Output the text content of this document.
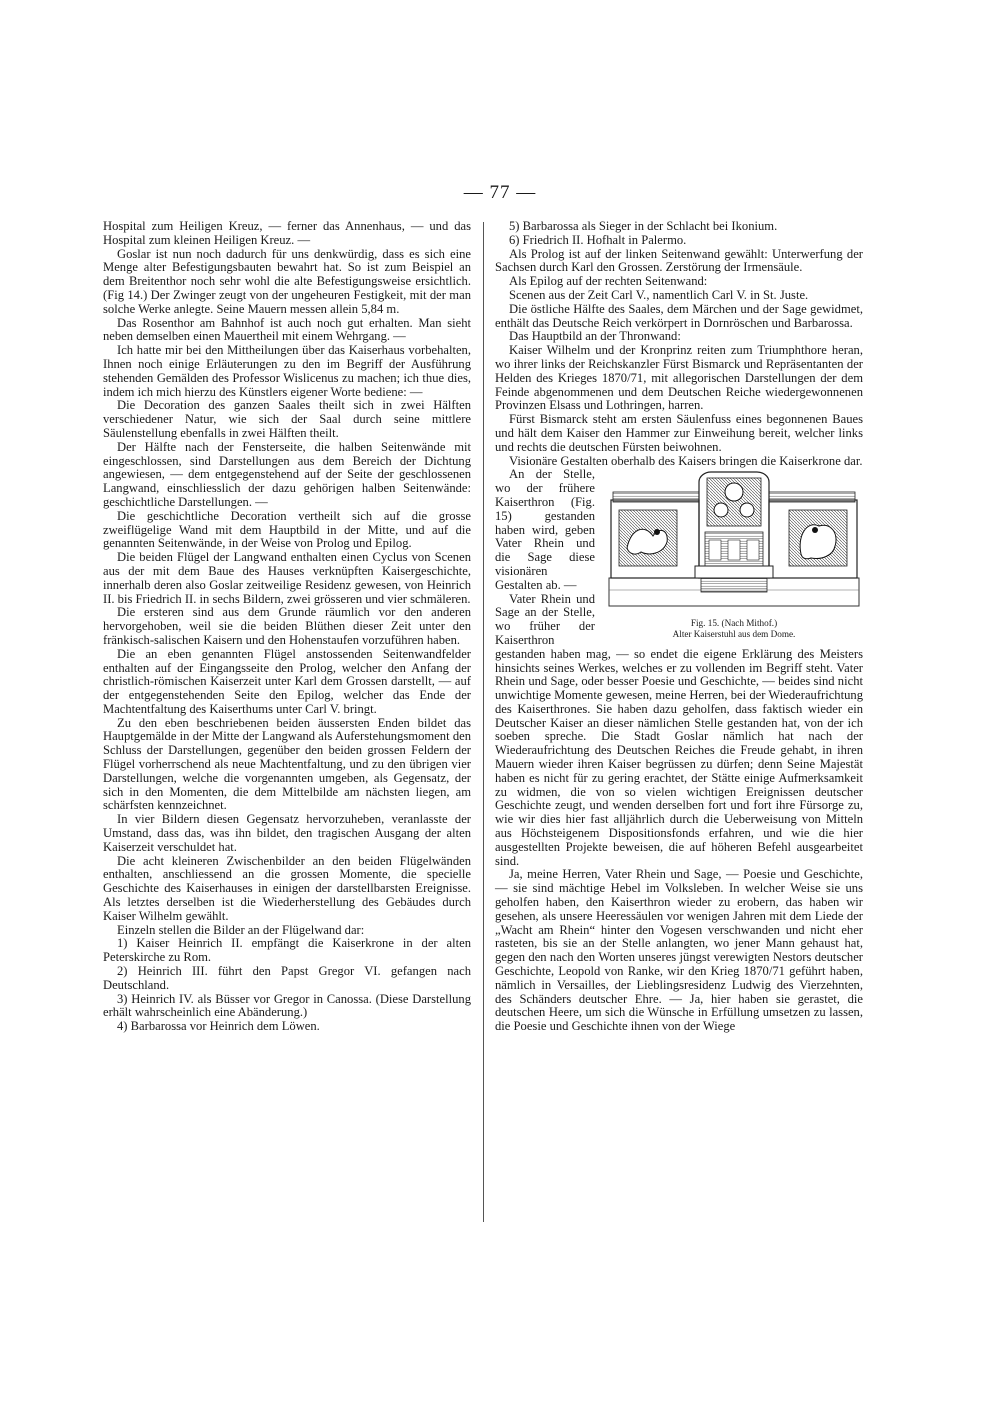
— 77 —

Hospital zum Heiligen Kreuz, — ferner das Annenhaus, — und das Hospital zum kleinen Heiligen Kreuz. —

Goslar ist nun noch dadurch für uns denkwürdig, dass es sich eine Menge alter Befestigungsbauten bewahrt hat. So ist zum Beispiel an dem Breitenthor noch sehr wohl die alte Befestigungsweise ersichtlich. (Fig 14.) Der Zwinger zeugt von der ungeheuren Festigkeit, mit der man solche Werke anlegte. Seine Mauern messen allein 5,84 m.

Das Rosenthor am Bahnhof ist auch noch gut erhalten. Man sieht neben demselben einen Mauertheil mit einem Wehrgang. —

Ich hatte mir bei den Mittheilungen über das Kaiserhaus vorbehalten, Ihnen noch einige Erläuterungen zu den im Begriff der Ausführung stehenden Gemälden des Professor Wislicenus zu machen; ich thue dies, indem ich mich hierzu des Künstlers eigener Worte bediene: —

Die Decoration des ganzen Saales theilt sich in zwei Hälften verschiedener Natur, wie sich der Saal durch seine mittlere Säulenstellung ebenfalls in zwei Hälften theilt.

Der Hälfte nach der Fensterseite, die halben Seitenwände mit eingeschlossen, sind Darstellungen aus dem Bereich der Dichtung angewiesen, — dem entgegenstehend auf der Seite der geschlossenen Langwand, einschliesslich der dazu gehörigen halben Seitenwände: geschichtliche Darstellungen. —

Die geschichtliche Decoration vertheilt sich auf die grosse zweiflügelige Wand mit dem Hauptbild in der Mitte, und auf die genannten Seitenwände, in der Weise von Prolog und Epilog.

Die beiden Flügel der Langwand enthalten einen Cyclus von Scenen aus der mit dem Baue des Hauses verknüpften Kaisergeschichte, innerhalb deren also Goslar zeitweilige Residenz gewesen, von Heinrich II. bis Friedrich II. in sechs Bildern, zwei grösseren und vier schmäleren.

Die ersteren sind aus dem Grunde räumlich vor den anderen hervorgehoben, weil sie die beiden Blüthen dieser Zeit unter den fränkisch-salischen Kaisern und den Hohenstaufen vorzuführen haben.

Die an eben genannten Flügel anstossenden Seitenwandfelder enthalten auf der Eingangsseite den Prolog, welcher den Anfang der christlich-römischen Kaiserzeit unter Karl dem Grossen darstellt, — auf der entgegenstehenden Seite den Epilog, welcher das Ende der Machtentfaltung des Kaiserthums unter Carl V. bringt.

Zu den eben beschriebenen beiden äussersten Enden bildet das Hauptgemälde in der Mitte der Langwand als Auferstehungsmoment den Schluss der Darstellungen, gegenüber den beiden grossen Feldern der Flügel vorherrschend als neue Machtentfaltung, und zu den übrigen vier Darstellungen, welche die vorgenannten umgeben, als Gegensatz, der sich in den Momenten, die dem Mittelbilde am nächsten liegen, am schärfsten kennzeichnet.

In vier Bildern diesen Gegensatz hervorzuheben, veranlasste der Umstand, dass das, was ihn bildet, den tragischen Ausgang der alten Kaiserzeit verschuldet hat.

Die acht kleineren Zwischenbilder an den beiden Flügelwänden enthalten, anschliessend an die grossen Momente, die specielle Geschichte des Kaiserhauses in einigen der darstellbarsten Ereignisse. Als letztes derselben ist die Wiederherstellung des Gebäudes durch Kaiser Wilhelm gewählt.

Einzeln stellen die Bilder an der Flügelwand dar:

1) Kaiser Heinrich II. empfängt die Kaiserkrone in der alten Peterskirche zu Rom.

2) Heinrich III. führt den Papst Gregor VI. gefangen nach Deutschland.

3) Heinrich IV. als Büsser vor Gregor in Canossa. (Diese Darstellung erhält wahrscheinlich eine Abänderung.)

4) Barbarossa vor Heinrich dem Löwen.

5) Barbarossa als Sieger in der Schlacht bei Ikonium.

6) Friedrich II. Hofhalt in Palermo.

Als Prolog ist auf der linken Seitenwand gewählt: Unterwerfung der Sachsen durch Karl den Grossen. Zerstörung der Irmensäule.

Als Epilog auf der rechten Seitenwand:

Scenen aus der Zeit Carl V., namentlich Carl V. in St. Juste.

Die östliche Hälfte des Saales, dem Märchen und der Sage gewidmet, enthält das Deutsche Reich verkörpert in Dornröschen und Barbarossa.

Das Hauptbild an der Thronwand:

Kaiser Wilhelm und der Kronprinz reiten zum Triumphthore heran, wo ihrer links der Reichskanzler Fürst Bismarck und Repräsentanten der Helden des Krieges 1870/71, mit allegorischen Darstellungen der dem Feinde abgenommenen und dem Deutschen Reiche wiedergewonnenen Provinzen Elsass und Lothringen, harren.

Fürst Bismarck steht am ersten Säulenfuss eines begonnenen Baues und hält dem Kaiser den Hammer zur Einweihung bereit, welcher links und rechts die deutschen Fürsten beiwohnen.

Visionäre Gestalten oberhalb des Kaisers bringen die Kaiserkrone dar.

Fig. 15. (Nach Mithof.)
Alter Kaiserstuhl aus dem Dome.

An der Stelle, wo der frühere Kaiserthron (Fig. 15) gestanden haben wird, geben Vater Rhein und die Sage diese visionären Gestalten ab. —

Vater Rhein und Sage an der Stelle, wo früher der Kaiserthron gestanden haben mag, — so endet die eigene Erklärung des Meisters hinsichts seines Werkes, welches er zu vollenden im Begriff steht. Vater Rhein und Sage, oder besser Poesie und Geschichte, — beides sind nicht unwichtige Momente gewesen, meine Herren, bei der Wiederaufrichtung des Kaiserthrones. Sie haben dazu geholfen, dass faktisch wieder ein Deutscher Kaiser an dieser nämlichen Stelle gestanden hat, von der ich soeben spreche. Die Stadt Goslar nämlich hat nach der Wiederaufrichtung des Deutschen Reiches die Freude gehabt, in ihren Mauern wieder ihren Kaiser begrüssen zu dürfen; denn Seine Majestät haben es nicht für zu gering erachtet, der Stätte einige Aufmerksamkeit zu widmen, die von so vielen wichtigen Ereignissen deutscher Geschichte zeugt, und wenden derselben fort und fort ihre Fürsorge zu, wie wir dies hier fast alljährlich durch die Ueberweisung von Mitteln aus Höchsteigenem Dispositionsfonds erfahren, und wie die hier ausgestellten Projekte beweisen, die auf höheren Befehl ausgearbeitet sind.

Ja, meine Herren, Vater Rhein und Sage, — Poesie und Geschichte, — sie sind mächtige Hebel im Volksleben. In welcher Weise sie uns geholfen haben, den Kaiserthron wieder zu erobern, das haben wir gesehen, als unsere Heeressäulen vor wenigen Jahren mit dem Liede der „Wacht am Rhein“ hinter den Vogesen verschwanden und nicht eher rasteten, bis sie an der Stelle anlangten, wo jener Mann gehaust hat, gegen den nach den Worten unseres jüngst verewigten Nestors deutscher Geschichte, Leopold von Ranke, wir den Krieg 1870/71 geführt haben, nämlich in Versailles, der Lieblingsresidenz Ludwig des Vierzehnten, des Schänders deutscher Ehre. — Ja, hier haben sie gerastet, die deutschen Heere, um sich die Wünsche in Erfüllung umsetzen zu lassen, die Poesie und Geschichte ihnen von der Wiege
